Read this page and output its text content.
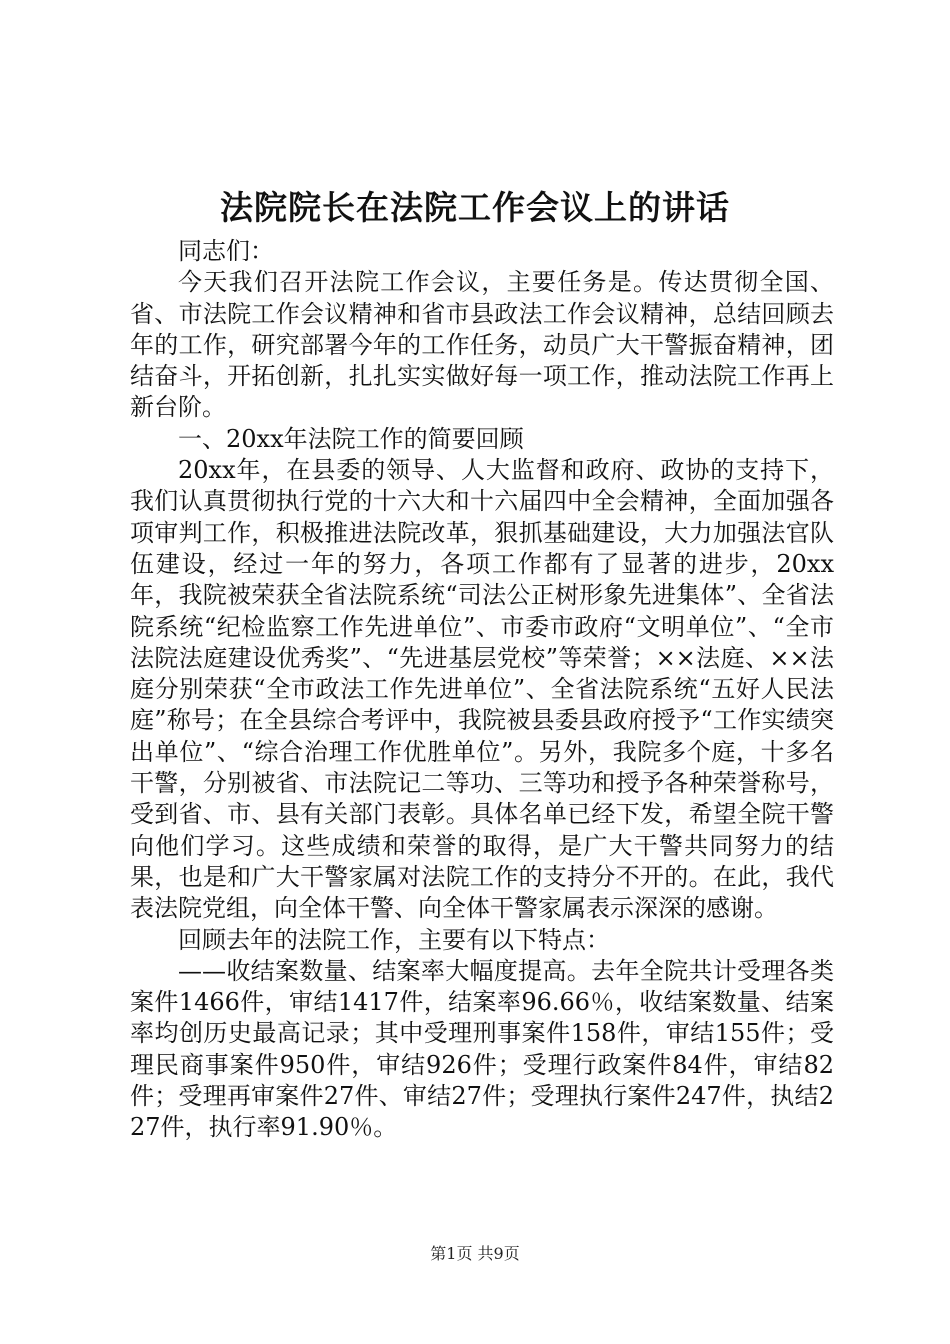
法院院长在法院工作会议上的讲话

同志们：

今天我们召开法院工作会议，主要任务是。传达贯彻全国、省、市法院工作会议精神和省市县政法工作会议精神，总结回顾去年的工作，研究部署今年的工作任务，动员广大干警振奋精神，团结奋斗，开拓创新，扎扎实实做好每一项工作，推动法院工作再上新台阶。

一、20xx年法院工作的简要回顾

20xx年，在县委的领导、人大监督和政府、政协的支持下，我们认真贯彻执行党的十六大和十六届四中全会精神，全面加强各项审判工作，积极推进法院改革，狠抓基础建设，大力加强法官队伍建设，经过一年的努力，各项工作都有了显著的进步，20xx年，我院被荣获全省法院系统“司法公正树形象先进集体”、全省法院系统“纪检监察工作先进单位”、市委市政府“文明单位”、“全市法院法庭建设优秀奖”、“先进基层党校”等荣誉；××法庭、××法庭分别荣获“全市政法工作先进单位”、全省法院系统“五好人民法庭”称号；在全县综合考评中，我院被县委县政府授予“工作实绩突出单位”、“综合治理工作优胜单位”。另外，我院多个庭，十多名干警，分别被省、市法院记二等功、三等功和授予各种荣誉称号，受到省、市、县有关部门表彰。具体名单已经下发，希望全院干警向他们学习。这些成绩和荣誉的取得，是广大干警共同努力的结果，也是和广大干警家属对法院工作的支持分不开的。在此，我代表法院党组，向全体干警、向全体干警家属表示深深的感谢。

回顾去年的法院工作，主要有以下特点：

——收结案数量、结案率大幅度提高。去年全院共计受理各类案件1466件，审结1417件，结案率96.66％，收结案数量、结案率均创历史最高记录；其中受理刑事案件158件，审结155件；受理民商事案件950件，审结926件；受理行政案件84件，审结82件；受理再审案件27件、审结27件；受理执行案件247件，执结227件，执行率91.90％。

第1页 共9页
